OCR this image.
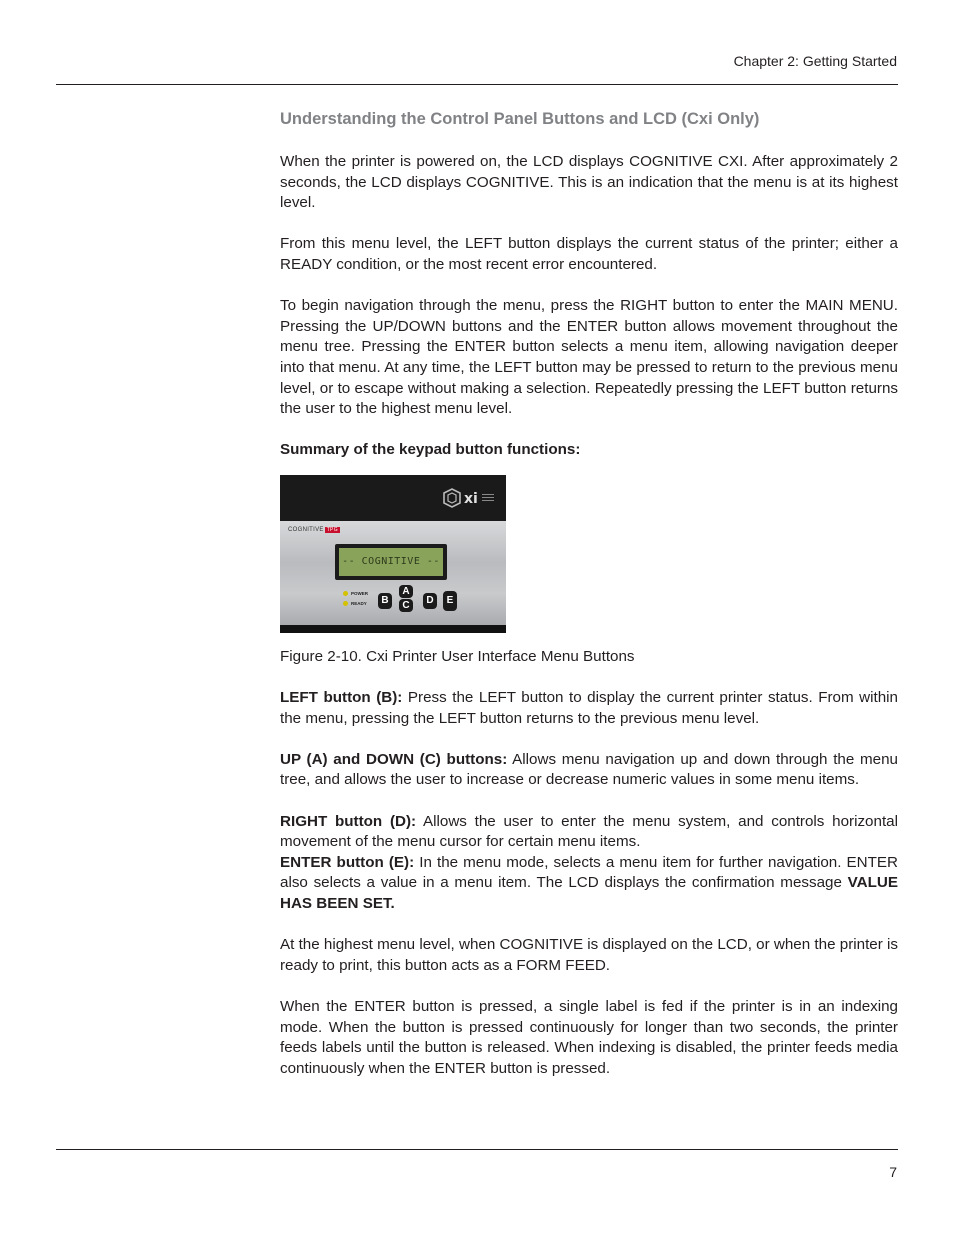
Chapter 2: Getting Started
Understanding the Control Panel Buttons and LCD (Cxi Only)

When the printer is powered on, the LCD displays COGNITIVE CXI. After approximately 2 seconds, the LCD displays COGNITIVE. This is an indication that the menu is at its highest level.

From this menu level, the LEFT button displays the current status of the printer; either a READY condition, or the most recent error encountered.

To begin navigation through the menu, press the RIGHT button to enter the MAIN MENU. Pressing the UP/DOWN buttons and the ENTER button allows movement throughout the menu tree. Pressing the ENTER button selects a menu item, allowing navigation deeper into that menu. At any time, the LEFT button may be pressed to return to the previous menu level, or to escape without making a selection. Repeatedly pressing the LEFT button returns the user to the highest menu level.

Summary of the keypad button functions:

xi
COGNITIVE TPG
-- COGNITIVE --
POWER
READY	B
A
C	D	E
Figure 2-10. Cxi Printer User Interface Menu Buttons

LEFT button (B): Press the LEFT button to display the current printer status. From within the menu, pressing the LEFT button returns to the previous menu level.

UP (A) and DOWN (C) buttons: Allows menu navigation up and down through the menu tree, and allows the user to increase or decrease numeric values in some menu items.

RIGHT button (D): Allows the user to enter the menu system, and controls horizontal movement of the menu cursor for certain menu items.

ENTER button (E): In the menu mode, selects a menu item for further navigation. ENTER also selects a value in a menu item. The LCD displays the confirmation message VALUE HAS BEEN SET.

At the highest menu level, when COGNITIVE is displayed on the LCD, or when the printer is ready to print, this button acts as a FORM FEED.

When the ENTER button is pressed, a single label is fed if the printer is in an indexing mode. When the button is pressed continuously for longer than two seconds, the printer feeds labels until the button is released. When indexing is disabled, the printer feeds media continuously when the ENTER button is pressed.

7
